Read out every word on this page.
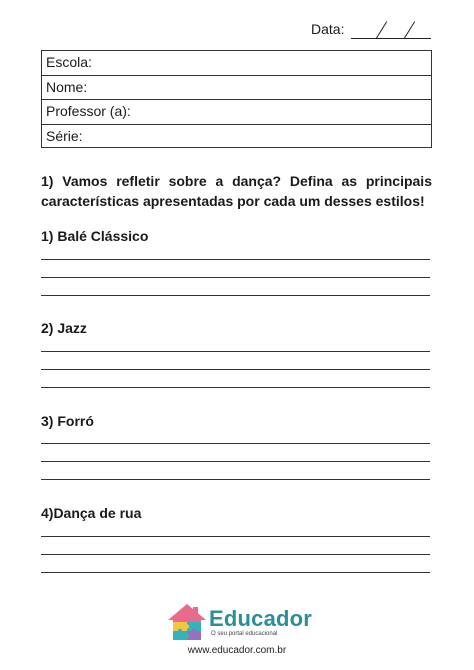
Data:
Escola:
Nome:
Professor (a):
Série:
1) Vamos refletir sobre a dança? Defina as principais características apresentadas por cada um desses estilos!
1) Balé Clássico
2) Jazz
3) Forró
4)Dança de rua
Educador
O seu portal educacional
www.educador.com.br
